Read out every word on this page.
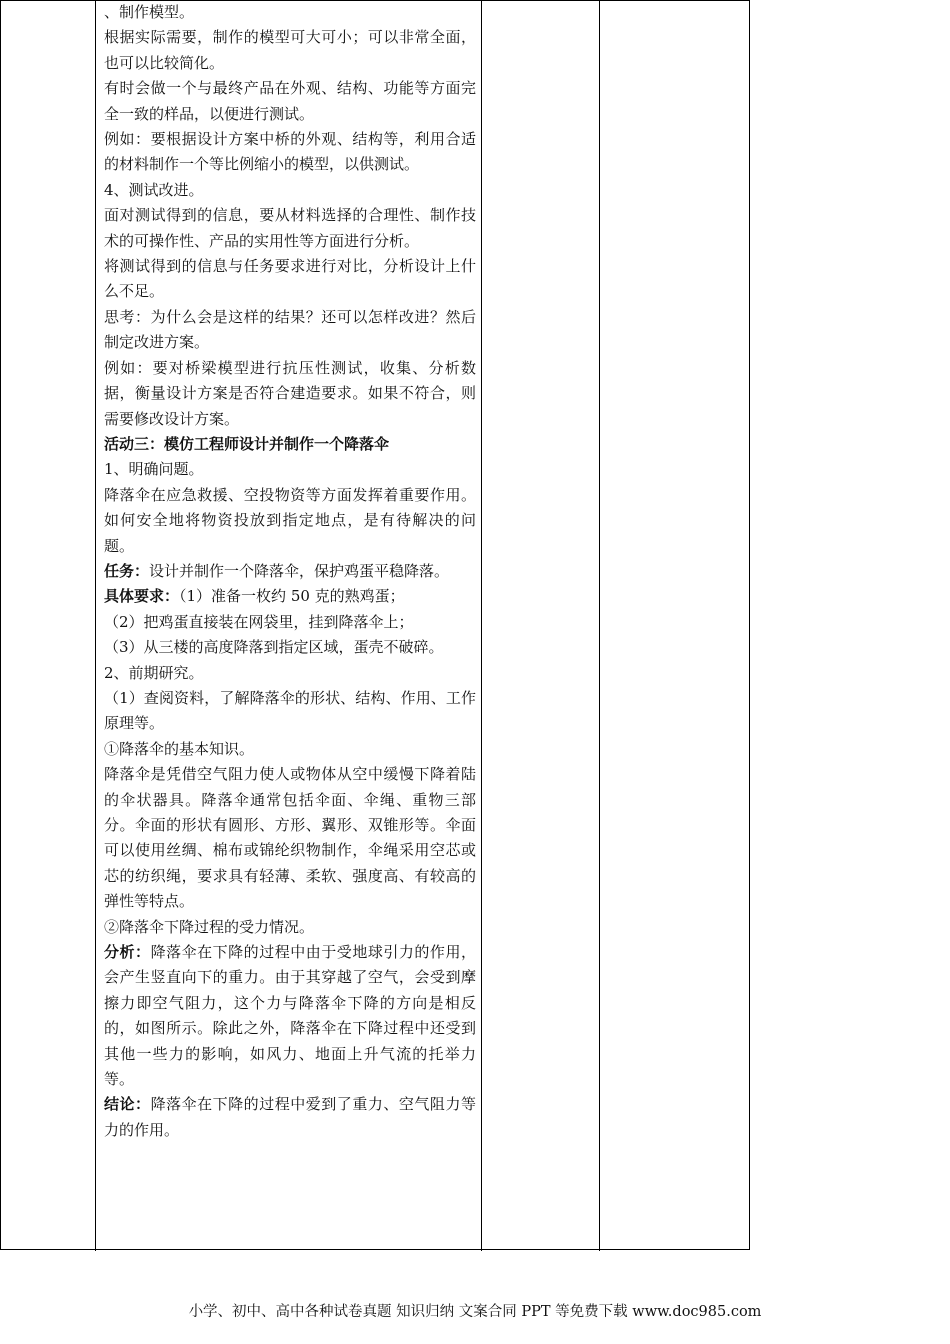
、制作模型。

根据实际需要，制作的模型可大可小；可以非常全面，也可以比较简化。

有时会做一个与最终产品在外观、结构、功能等方面完全一致的样品，以便进行测试。

例如：要根据设计方案中桥的外观、结构等，利用合适的材料制作一个等比例缩小的模型，以供测试。

4、测试改进。

面对测试得到的信息，要从材料选择的合理性、制作技术的可操作性、产品的实用性等方面进行分析。

将测试得到的信息与任务要求进行对比，分析设计上什么不足。

思考：为什么会是这样的结果？还可以怎样改进？然后制定改进方案。

例如：要对桥梁模型进行抗压性测试，收集、分析数据，衡量设计方案是否符合建造要求。如果不符合，则需要修改设计方案。

活动三：模仿工程师设计并制作一个降落伞

1、明确问题。

降落伞在应急救援、空投物资等方面发挥着重要作用。如何安全地将物资投放到指定地点，是有待解决的问题。

任务：设计并制作一个降落伞，保护鸡蛋平稳降落。

具体要求：（1）准备一枚约 50 克的熟鸡蛋；

（2）把鸡蛋直接装在网袋里，挂到降落伞上；

（3）从三楼的高度降落到指定区域，蛋壳不破碎。

2、前期研究。

（1）查阅资料，了解降落伞的形状、结构、作用、工作原理等。

①降落伞的基本知识。

降落伞是凭借空气阻力使人或物体从空中缓慢下降着陆的伞状器具。降落伞通常包括伞面、伞绳、重物三部分。伞面的形状有圆形、方形、翼形、双锥形等。伞面可以使用丝绸、棉布或锦纶织物制作，伞绳采用空芯或芯的纺织绳，要求具有轻薄、柔软、强度高、有较高的弹性等特点。

②降落伞下降过程的受力情况。

分析：降落伞在下降的过程中由于受地球引力的作用，会产生竖直向下的重力。由于其穿越了空气，会受到摩擦力即空气阻力，这个力与降落伞下降的方向是相反的，如图所示。除此之外，降落伞在下降过程中还受到其他一些力的影响，如风力、地面上升气流的托举力等。

结论：降落伞在下降的过程中爱到了重力、空气阻力等力的作用。

小学、初中、高中各种试卷真题 知识归纳 文案合同 PPT 等免费下载 www.doc985.com
